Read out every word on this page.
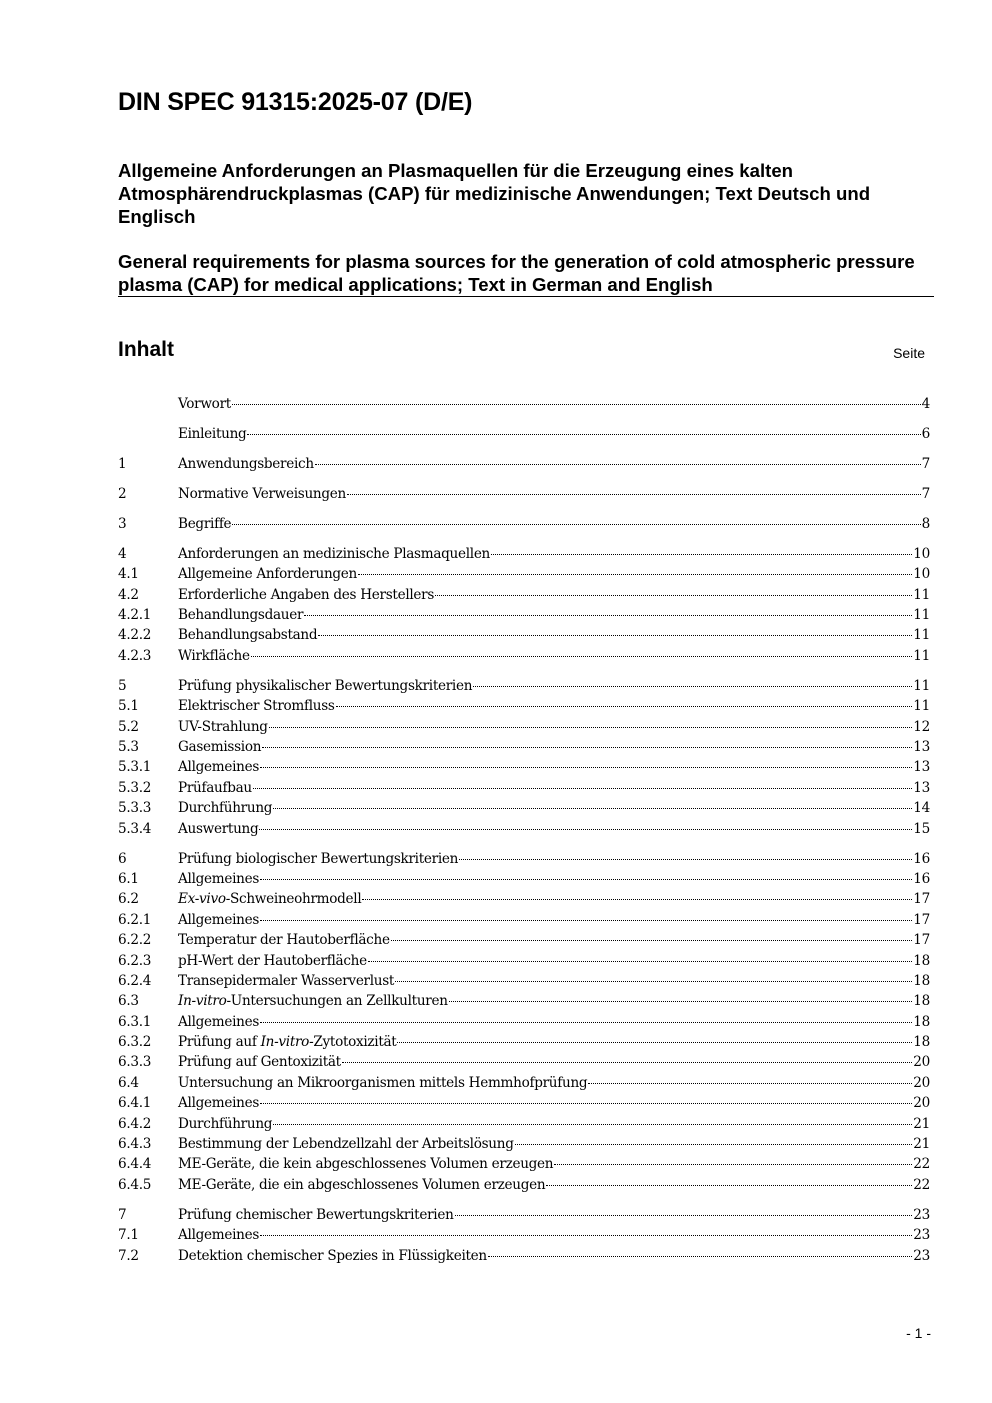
DIN SPEC 91315:2025-07 (D/E)

Allgemeine Anforderungen an Plasmaquellen für die Erzeugung eines kalten Atmosphärendruckplasmas (CAP) für medizinische Anwendungen; Text Deutsch und Englisch

General requirements for plasma sources for the generation of cold atmospheric pressure plasma (CAP) for medical applications; Text in German and English

Inhalt	Seite
Vorwort	4
Einleitung	6
1	Anwendungsbereich	7
2	Normative Verweisungen	7
3	Begriffe	8
4	Anforderungen an medizinische Plasmaquellen	10
4.1	Allgemeine Anforderungen	10
4.2	Erforderliche Angaben des Herstellers	11
4.2.1	Behandlungsdauer	11
4.2.2	Behandlungsabstand	11
4.2.3	Wirkfläche	11
5	Prüfung physikalischer Bewertungskriterien	11
5.1	Elektrischer Stromfluss	11
5.2	UV-Strahlung	12
5.3	Gasemission	13
5.3.1	Allgemeines	13
5.3.2	Prüfaufbau	13
5.3.3	Durchführung	14
5.3.4	Auswertung	15
6	Prüfung biologischer Bewertungskriterien	16
6.1	Allgemeines	16
6.2	Ex-vivo-Schweineohrmodell	17
6.2.1	Allgemeines	17
6.2.2	Temperatur der Hautoberfläche	17
6.2.3	pH-Wert der Hautoberfläche	18
6.2.4	Transepidermaler Wasserverlust	18
6.3	In-vitro-Untersuchungen an Zellkulturen	18
6.3.1	Allgemeines	18
6.3.2	Prüfung auf In-vitro-Zytotoxizität	18
6.3.3	Prüfung auf Gentoxizität	20
6.4	Untersuchung an Mikroorganismen mittels Hemmhofprüfung	20
6.4.1	Allgemeines	20
6.4.2	Durchführung	21
6.4.3	Bestimmung der Lebendzellzahl der Arbeitslösung	21
6.4.4	ME-Geräte, die kein abgeschlossenes Volumen erzeugen	22
6.4.5	ME-Geräte, die ein abgeschlossenes Volumen erzeugen	22
7	Prüfung chemischer Bewertungskriterien	23
7.1	Allgemeines	23
7.2	Detektion chemischer Spezies in Flüssigkeiten	23
- 1 -
